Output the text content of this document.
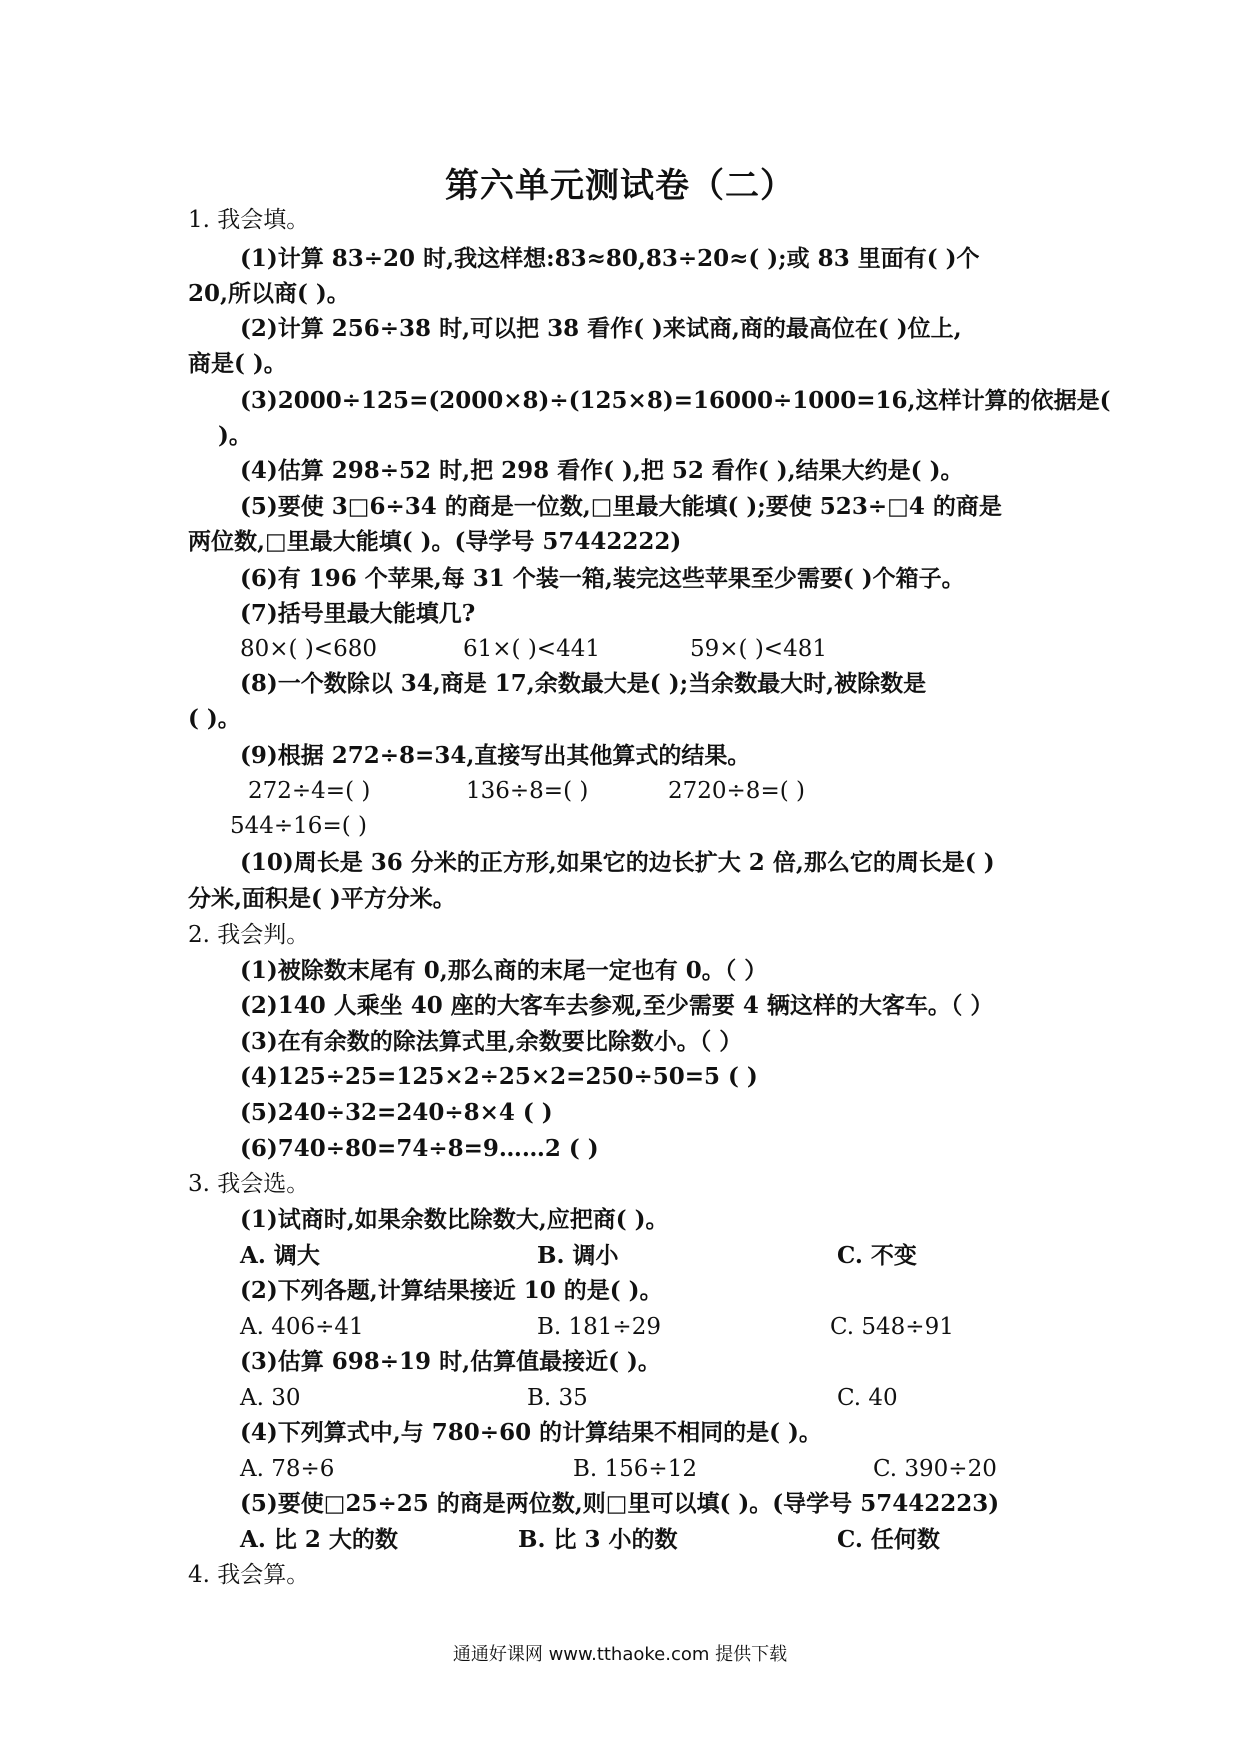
第六单元测试卷（二）
1. 我会填。
(1)计算 83÷20 时,我这样想:83≈80,83÷20≈( );或 83 里面有( )个
20,所以商( )。
(2)计算 256÷38 时,可以把 38 看作( )来试商,商的最高位在( )位上,
商是( )。
(3)2000÷125=(2000×8)÷(125×8)=16000÷1000=16,这样计算的依据是(
)。
(4)估算 298÷52 时,把 298 看作( ),把 52 看作( ),结果大约是( )。
(5)要使 3□6÷34 的商是一位数,□里最大能填( );要使 523÷□4 的商是
两位数,□里最大能填( )。(导学号 57442222)
(6)有 196 个苹果,每 31 个装一箱,装完这些苹果至少需要( )个箱子。
(7)括号里最大能填几?
80×( )<680	61×( )<441	59×( )<481
(8)一个数除以 34,商是 17,余数最大是( );当余数最大时,被除数是
( )。
(9)根据 272÷8=34,直接写出其他算式的结果。
272÷4=( )	136÷8=( )	2720÷8=( )
544÷16=( )
(10)周长是 36 分米的正方形,如果它的边长扩大 2 倍,那么它的周长是( )
分米,面积是( )平方分米。
2. 我会判。
(1)被除数末尾有 0,那么商的末尾一定也有 0。（ ）
(2)140 人乘坐 40 座的大客车去参观,至少需要 4 辆这样的大客车。（ ）
(3)在有余数的除法算式里,余数要比除数小。（ ）
(4)125÷25=125×2÷25×2=250÷50=5 ( )
(5)240÷32=240÷8×4 ( )
(6)740÷80=74÷8=9……2 ( )
3. 我会选。
(1)试商时,如果余数比除数大,应把商( )。
A. 调大	B. 调小	C. 不变
(2)下列各题,计算结果接近 10 的是( )。
A. 406÷41	B. 181÷29	C. 548÷91
(3)估算 698÷19 时,估算值最接近( )。
A. 30	B. 35	C. 40
(4)下列算式中,与 780÷60 的计算结果不相同的是( )。
A. 78÷6	B. 156÷12	C. 390÷20
(5)要使□25÷25 的商是两位数,则□里可以填( )。(导学号 57442223)
A. 比 2 大的数	B. 比 3 小的数	C. 任何数
4. 我会算。
通通好课网 www.tthaoke.com 提供下载
